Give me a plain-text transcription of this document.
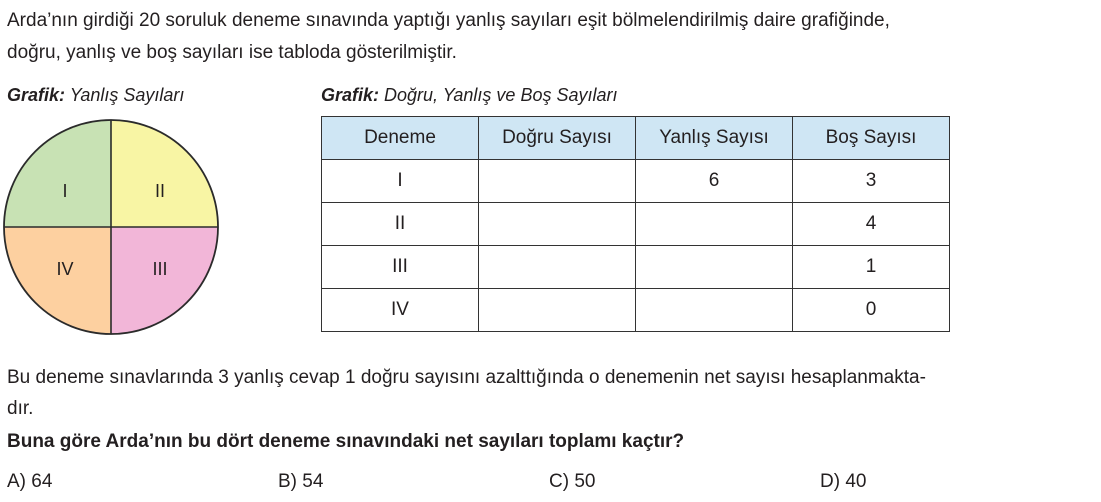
Arda’nın girdiği 20 soruluk deneme sınavında yaptığı yanlış sayıları eşit bölmelendirilmiş daire grafiğinde,
doğru, yanlış ve boş sayıları ise tabloda gösterilmiştir.
Grafik: Yanlış Sayıları	Grafik: Doğru, Yanlış ve Boş Sayıları
I	II
III
IV
Deneme	Doğru Sayısı	Yanlış Sayısı	Boş Sayısı
I		6	3
II			4
III			1
IV			0
Bu deneme sınavlarında 3 yanlış cevap 1 doğru sayısını azalttığında o denemenin net sayısı hesaplanmakta-
dır.
Buna göre Arda’nın bu dört deneme sınavındaki net sayıları toplamı kaçtır?
A) 64	B) 54	C) 50	D) 40
